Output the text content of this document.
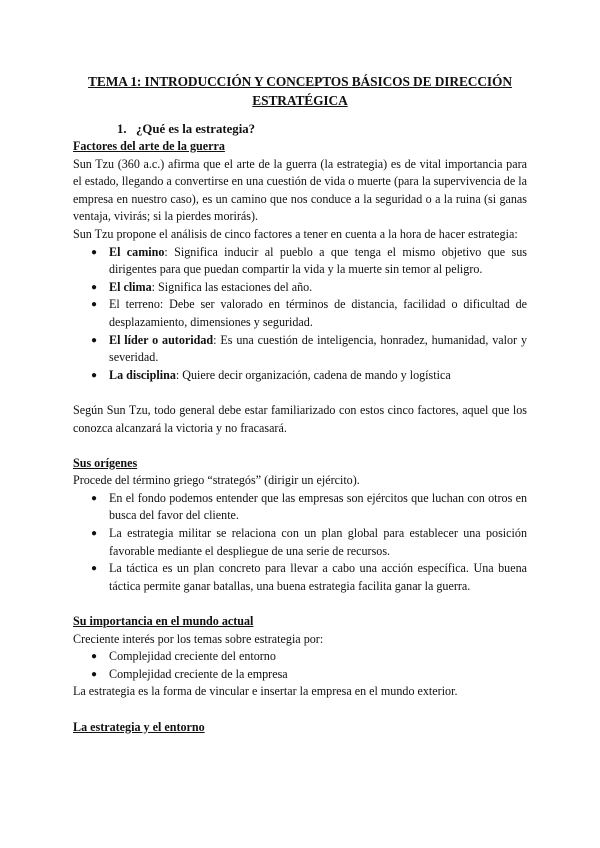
TEMA 1: INTRODUCCIÓN Y CONCEPTOS BÁSICOS DE DIRECCIÓN ESTRATÉGICA
1. ¿Qué es la estrategia?
Factores del arte de la guerra

Sun Tzu (360 a.c.) afirma que el arte de la guerra (la estrategia) es de vital importancia para el estado, llegando a convertirse en una cuestión de vida o muerte (para la supervivencia de la empresa en nuestro caso), es un camino que nos conduce a la seguridad o a la ruina (si ganas ventaja, vivirás; si la pierdes morirás).

Sun Tzu propone el análisis de cinco factores a tener en cuenta a la hora de hacer estrategia:

● El camino: Significa inducir al pueblo a que tenga el mismo objetivo que sus dirigentes para que puedan compartir la vida y la muerte sin temor al peligro.
● El clima: Significa las estaciones del año.
● El terreno: Debe ser valorado en términos de distancia, facilidad o dificultad de desplazamiento, dimensiones y seguridad.
● El líder o autoridad: Es una cuestión de inteligencia, honradez, humanidad, valor y severidad.
● La disciplina: Quiere decir organización, cadena de mando y logística

Según Sun Tzu, todo general debe estar familiarizado con estos cinco factores, aquel que los conozca alcanzará la victoria y no fracasará.

Sus orígenes

Procede del término griego “strategós” (dirigir un ejército).

● En el fondo podemos entender que las empresas son ejércitos que luchan con otros en busca del favor del cliente.
● La estrategia militar se relaciona con un plan global para establecer una posición favorable mediante el despliegue de una serie de recursos.
● La táctica es un plan concreto para llevar a cabo una acción específica. Una buena táctica permite ganar batallas, una buena estrategia facilita ganar la guerra.
Su importancia en el mundo actual

Creciente interés por los temas sobre estrategia por:

● Complejidad creciente del entorno
● Complejidad creciente de la empresa

La estrategia es la forma de vincular e insertar la empresa en el mundo exterior.

La estrategia y el entorno
